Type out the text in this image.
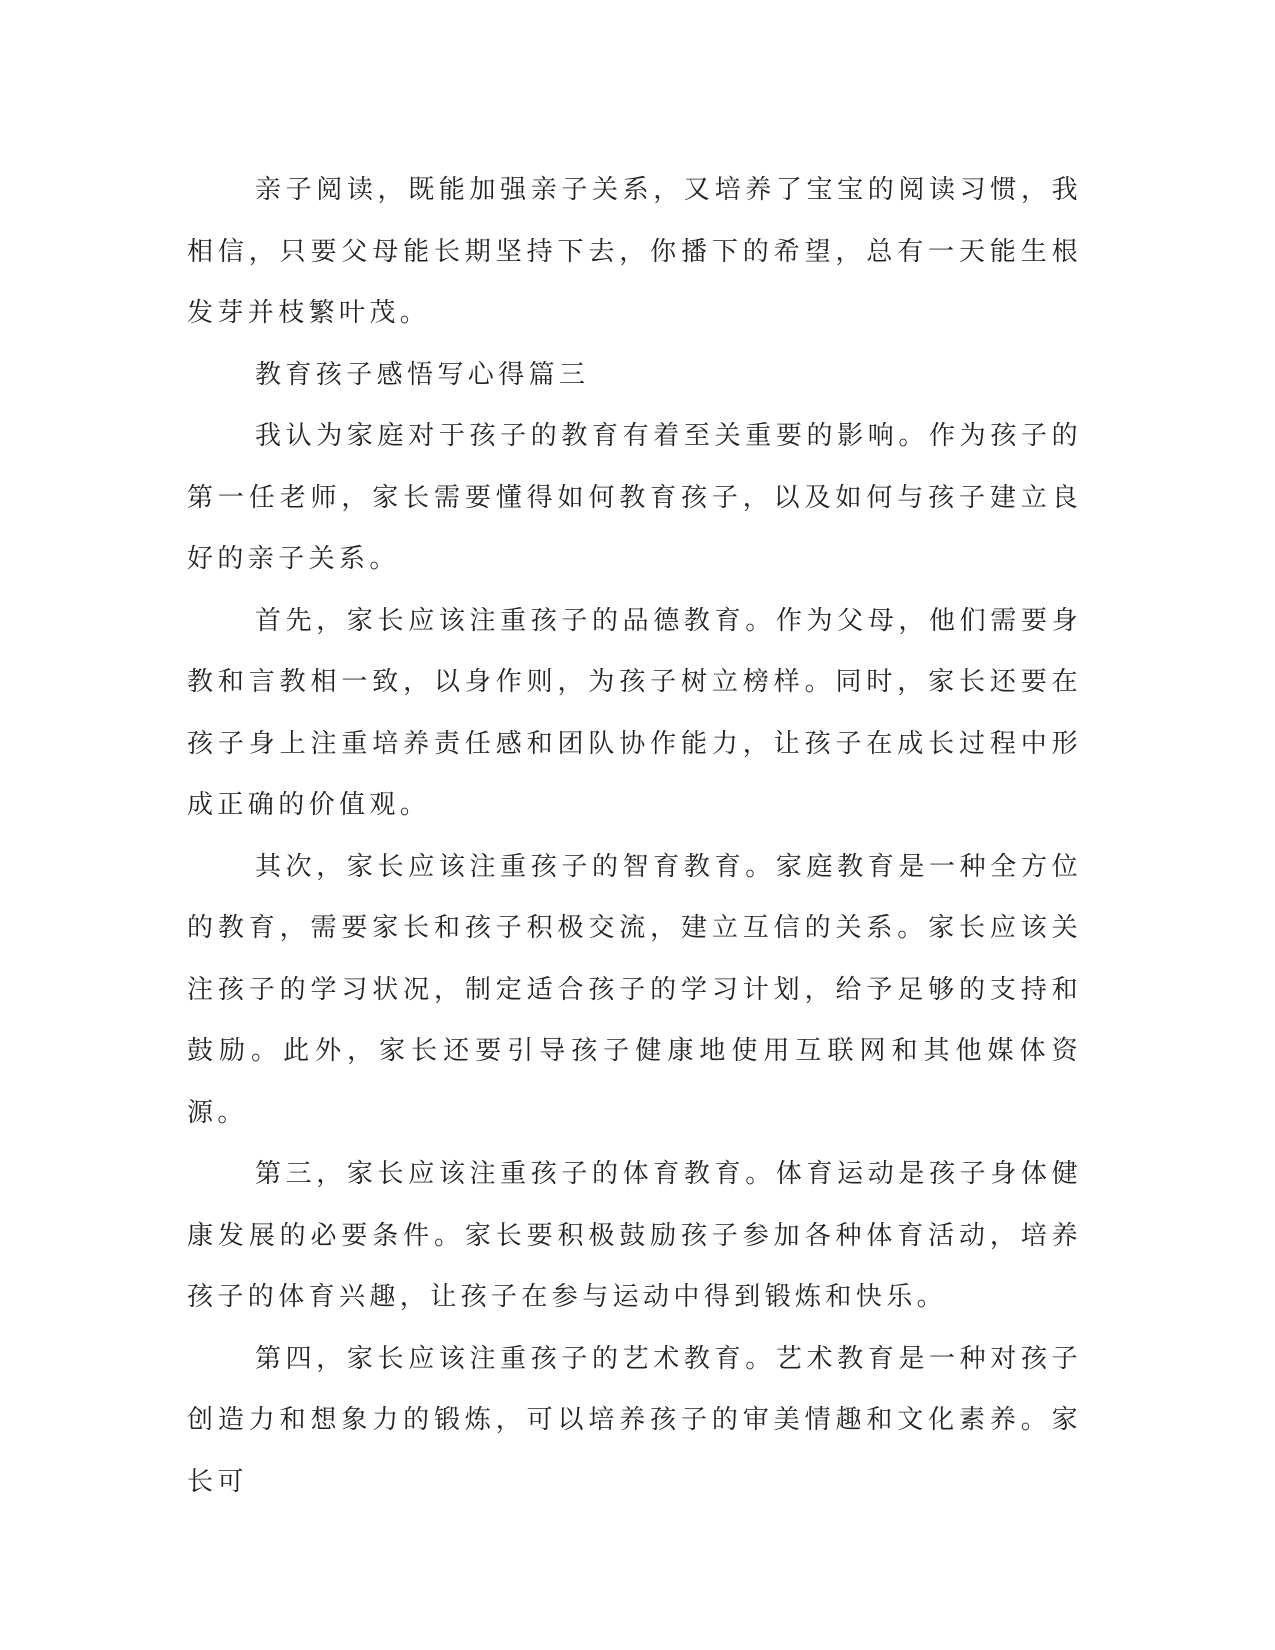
亲子阅读，既能加强亲子关系，又培养了宝宝的阅读习惯，我相信，只要父母能长期坚持下去，你播下的希望，总有一天能生根发芽并枝繁叶茂。

教育孩子感悟写心得篇三

我认为家庭对于孩子的教育有着至关重要的影响。作为孩子的第一任老师，家长需要懂得如何教育孩子，以及如何与孩子建立良好的亲子关系。

首先，家长应该注重孩子的品德教育。作为父母，他们需要身教和言教相一致，以身作则，为孩子树立榜样。同时，家长还要在孩子身上注重培养责任感和团队协作能力，让孩子在成长过程中形成正确的价值观。

其次，家长应该注重孩子的智育教育。家庭教育是一种全方位的教育，需要家长和孩子积极交流，建立互信的关系。家长应该关注孩子的学习状况，制定适合孩子的学习计划，给予足够的支持和鼓励。此外，家长还要引导孩子健康地使用互联网和其他媒体资源。

第三，家长应该注重孩子的体育教育。体育运动是孩子身体健康发展的必要条件。家长要积极鼓励孩子参加各种体育活动，培养孩子的体育兴趣，让孩子在参与运动中得到锻炼和快乐。

第四，家长应该注重孩子的艺术教育。艺术教育是一种对孩子创造力和想象力的锻炼，可以培养孩子的审美情趣和文化素养。家长可
